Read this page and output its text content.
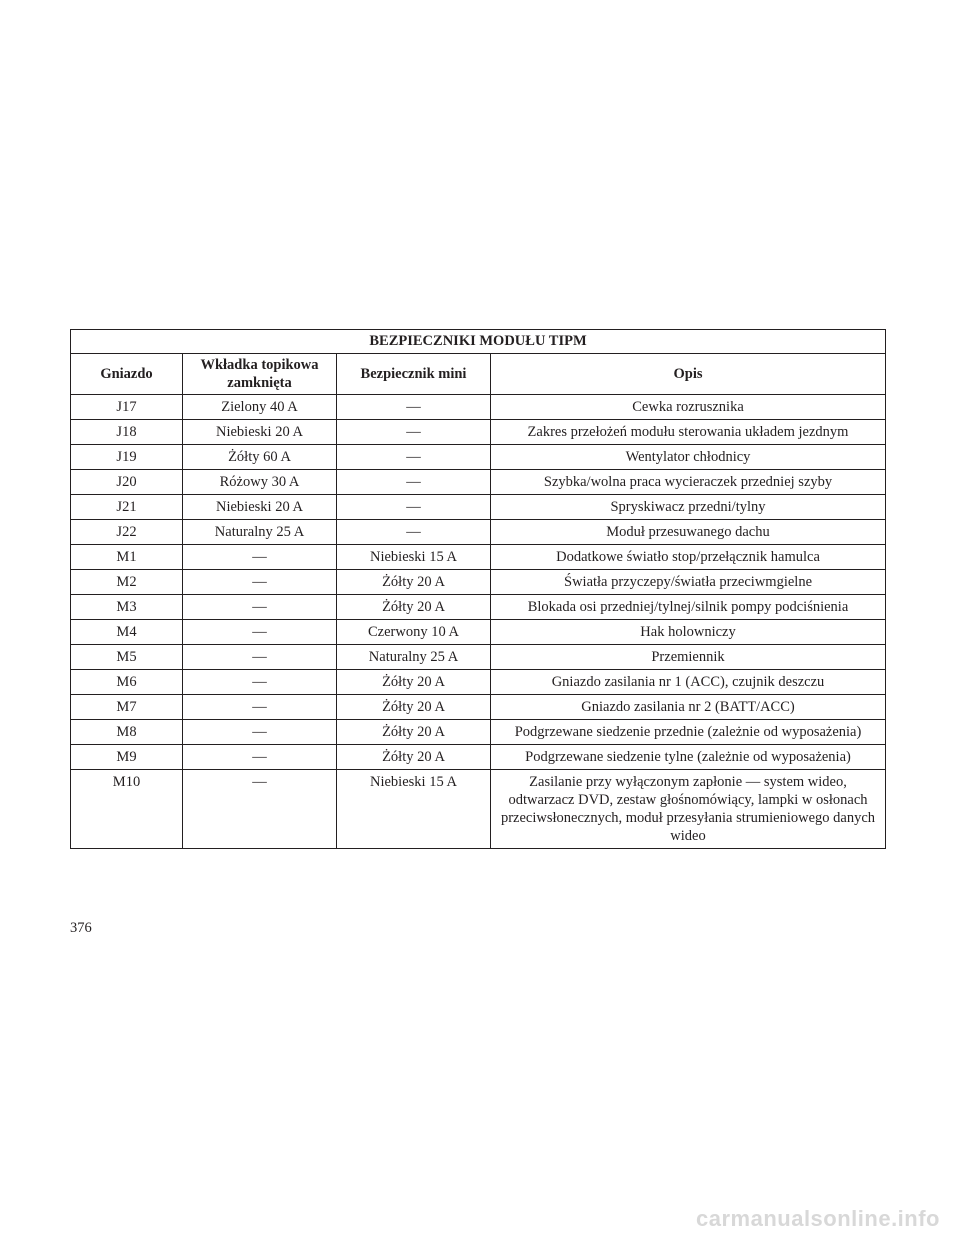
BEZPIECZNIKI MODUŁU TIPM			
Gniazdo	Wkładka topikowa zamknięta	Bezpiecznik mini	Opis
J17	Zielony 40 A	—	Cewka rozrusznika
J18	Niebieski 20 A	—	Zakres przełożeń modułu sterowania układem jezdnym
J19	Żółty 60 A	—	Wentylator chłodnicy
J20	Różowy 30 A	—	Szybka/wolna praca wycieraczek przedniej szyby
J21	Niebieski 20 A	—	Spryskiwacz przedni/tylny
J22	Naturalny 25 A	—	Moduł przesuwanego dachu
M1	—	Niebieski 15 A	Dodatkowe światło stop/przełącznik hamulca
M2	—	Żółty 20 A	Światła przyczepy/światła przeciwmgielne
M3	—	Żółty 20 A	Blokada osi przedniej/tylnej/silnik pompy podciśnienia
M4	—	Czerwony 10 A	Hak holowniczy
M5	—	Naturalny 25 A	Przemiennik
M6	—	Żółty 20 A	Gniazdo zasilania nr 1 (ACC), czujnik deszczu
M7	—	Żółty 20 A	Gniazdo zasilania nr 2 (BATT/ACC)
M8	—	Żółty 20 A	Podgrzewane siedzenie przednie (zależnie od wyposażenia)
M9	—	Żółty 20 A	Podgrzewane siedzenie tylne (zależnie od wyposażenia)
M10	—	Niebieski 15 A	Zasilanie przy wyłączonym zapłonie — system wideo, odtwarzacz DVD, zestaw głośnomówiący, lampki w osłonach przeciwsłonecznych, moduł przesyłania strumieniowego danych wideo
376
carmanualsonline.info
